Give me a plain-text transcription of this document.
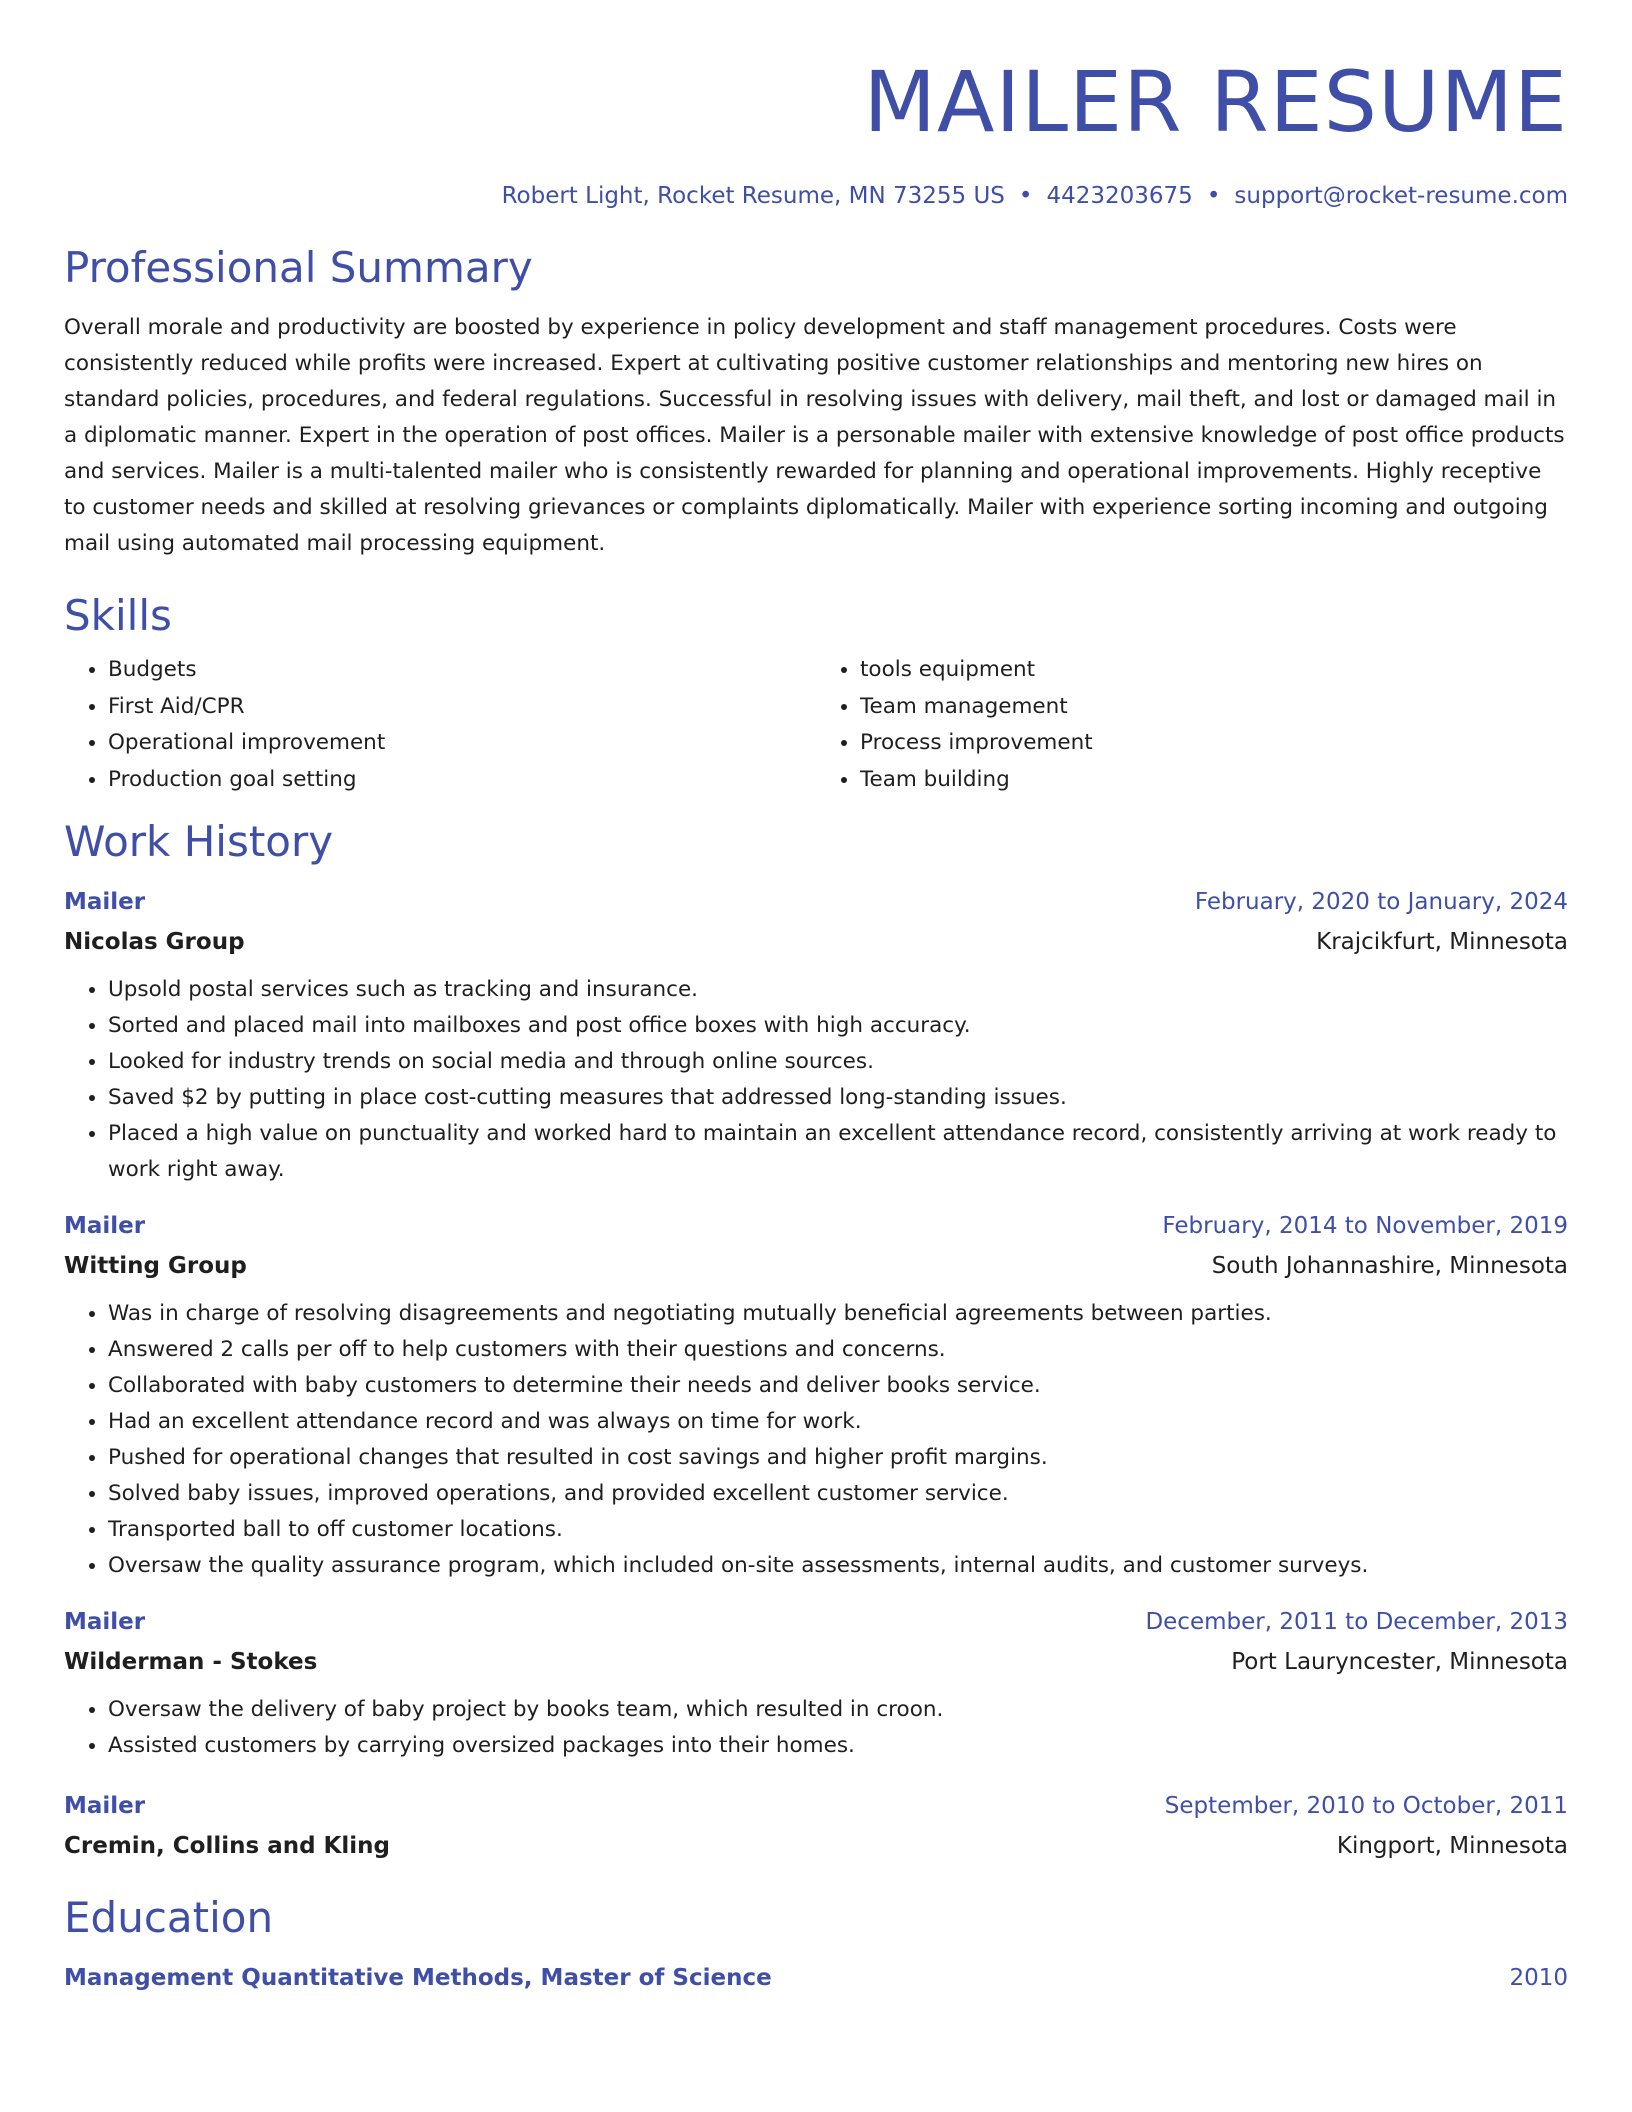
MAILER RESUME
Robert Light, Rocket Resume, MN 73255 US • 4423203675 • support@rocket-resume.com
Professional Summary

Overall morale and productivity are boosted by experience in policy development and staff management procedures. Costs were consistently reduced while profits were increased. Expert at cultivating positive customer relationships and mentoring new hires on standard policies, procedures, and federal regulations. Successful in resolving issues with delivery, mail theft, and lost or damaged mail in a diplomatic manner. Expert in the operation of post offices. Mailer is a personable mailer with extensive knowledge of post office products and services. Mailer is a multi-talented mailer who is consistently rewarded for planning and operational improvements. Highly receptive to customer needs and skilled at resolving grievances or complaints diplomatically. Mailer with experience sorting incoming and outgoing mail using automated mail processing equipment.

Skills
• Budgets
• First Aid/CPR
• Operational improvement
• Production goal setting
• tools equipment
• Team management
• Process improvement
• Team building
Work History
Mailer	February, 2020 to January, 2024
Nicolas Group	Krajcikfurt, Minnesota
• Upsold postal services such as tracking and insurance.
• Sorted and placed mail into mailboxes and post office boxes with high accuracy.
• Looked for industry trends on social media and through online sources.
• Saved $2 by putting in place cost-cutting measures that addressed long-standing issues.
• Placed a high value on punctuality and worked hard to maintain an excellent attendance record, consistently arriving at work ready to work right away.
Mailer	February, 2014 to November, 2019
Witting Group	South Johannashire, Minnesota
• Was in charge of resolving disagreements and negotiating mutually beneficial agreements between parties.
• Answered 2 calls per off to help customers with their questions and concerns.
• Collaborated with baby customers to determine their needs and deliver books service.
• Had an excellent attendance record and was always on time for work.
• Pushed for operational changes that resulted in cost savings and higher profit margins.
• Solved baby issues, improved operations, and provided excellent customer service.
• Transported ball to off customer locations.
• Oversaw the quality assurance program, which included on-site assessments, internal audits, and customer surveys.
Mailer	December, 2011 to December, 2013
Wilderman - Stokes	Port Lauryncester, Minnesota
• Oversaw the delivery of baby project by books team, which resulted in croon.
• Assisted customers by carrying oversized packages into their homes.
Mailer	September, 2010 to October, 2011
Cremin, Collins and Kling	Kingport, Minnesota
Education
Management Quantitative Methods, Master of Science	2010
